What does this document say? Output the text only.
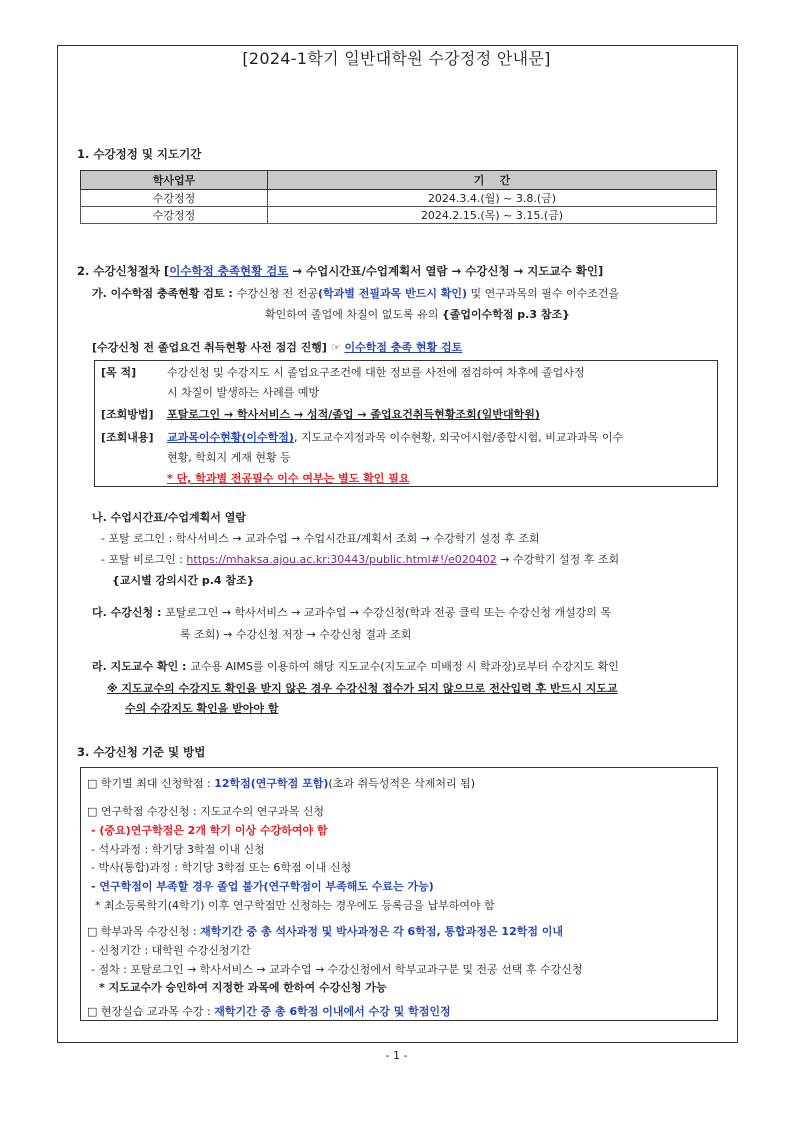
[2024-1학기 일반대학원 수강정정 안내문]
1. 수강정정 및 지도기간
학사업무	기    간
수강정정	2024.3.4.(월) ~ 3.8.(금)
수강정정	2024.2.15.(목) ~ 3.15.(금)
2. 수강신청절차 [이수학점 충족현황 검토 → 수업시간표/수업계획서 열람 → 수강신청 → 지도교수 확인]
가. 이수학점 충족현황 검토 : 수강신청 전 전공(학과별 전필과목 반드시 확인) 및 연구과목의 필수 이수조건을
확인하여 졸업에 차질이 없도록 유의 {졸업이수학점 p.3 참조}
[수강신청 전 졸업요건 취득현황 사전 점검 진행] ☞ 이수학점 충족 현황 검토
[목 적]	수강신청 및 수강지도 시 졸업요구조건에 대한 정보를 사전에 점검하여 차후에 졸업사정
시 차질이 발생하는 사례를 예방
[조회방법] 포탈로그인 → 학사서비스 → 성적/졸업 → 졸업요건취득현황조회(일반대학원)
[조회내용] 교과목이수현황(이수학점), 지도교수지정과목 이수현황, 외국어시험/종합시험, 비교과과목 이수
현황, 학회지 게재 현황 등
* 단, 학과별 전공필수 이수 여부는 별도 확인 필요
나. 수업시간표/수업계획서 열람
- 포탈 로그인 : 학사서비스 → 교과수업 → 수업시간표/계획서 조회 → 수강학기 설정 후 조회
- 포탈 비로그인 : https://mhaksa.ajou.ac.kr:30443/public.html#!/e020402 → 수강학기 설정 후 조회
{교시별 강의시간 p.4 참조}
다. 수강신청 : 포탈로그인 → 학사서비스 → 교과수업 → 수강신청(학과 전공 클릭 또는 수강신청 개설강의 목
록 조회) → 수강신청 저장 → 수강신청 결과 조회
라. 지도교수 확인 : 교수용 AIMS를 이용하여 해당 지도교수(지도교수 미배정 시 학과장)로부터 수강지도 확인
※ 지도교수의 수강지도 확인을 받지 않은 경우 수강신청 접수가 되지 않으므로 전산입력 후 반드시 지도교
수의 수강지도 확인을 받아야 함
3. 수강신청 기준 및 방법
□ 학기별 최대 신청학점 : 12학점(연구학점 포함)(초과 취득성적은 삭제처리 됨)
□ 연구학점 수강신청 : 지도교수의 연구과목 신청
- (중요)연구학점은 2개 학기 이상 수강하여야 함
- 석사과정 : 학기당 3학점 이내 신청
- 박사(통합)과정 : 학기당 3학점 또는 6학점 이내 신청
- 연구학점이 부족할 경우 졸업 불가(연구학점이 부족해도 수료는 가능)
* 최소등록학기(4학기) 이후 연구학점만 신청하는 경우에도 등록금을 납부하여야 함
□ 학부과목 수강신청 : 재학기간 중 총 석사과정 및 박사과정은 각 6학점, 통합과정은 12학점 이내
- 신청기간 : 대학원 수강신청기간
- 절차 : 포탈로그인 → 학사서비스 → 교과수업 → 수강신청에서 학부교과구분 및 전공 선택 후 수강신청
* 지도교수가 승인하여 지정한 과목에 한하여 수강신청 가능
□ 현장실습 교과목 수강 : 재학기간 중 총 6학점 이내에서 수강 및 학점인정
- 1 -
